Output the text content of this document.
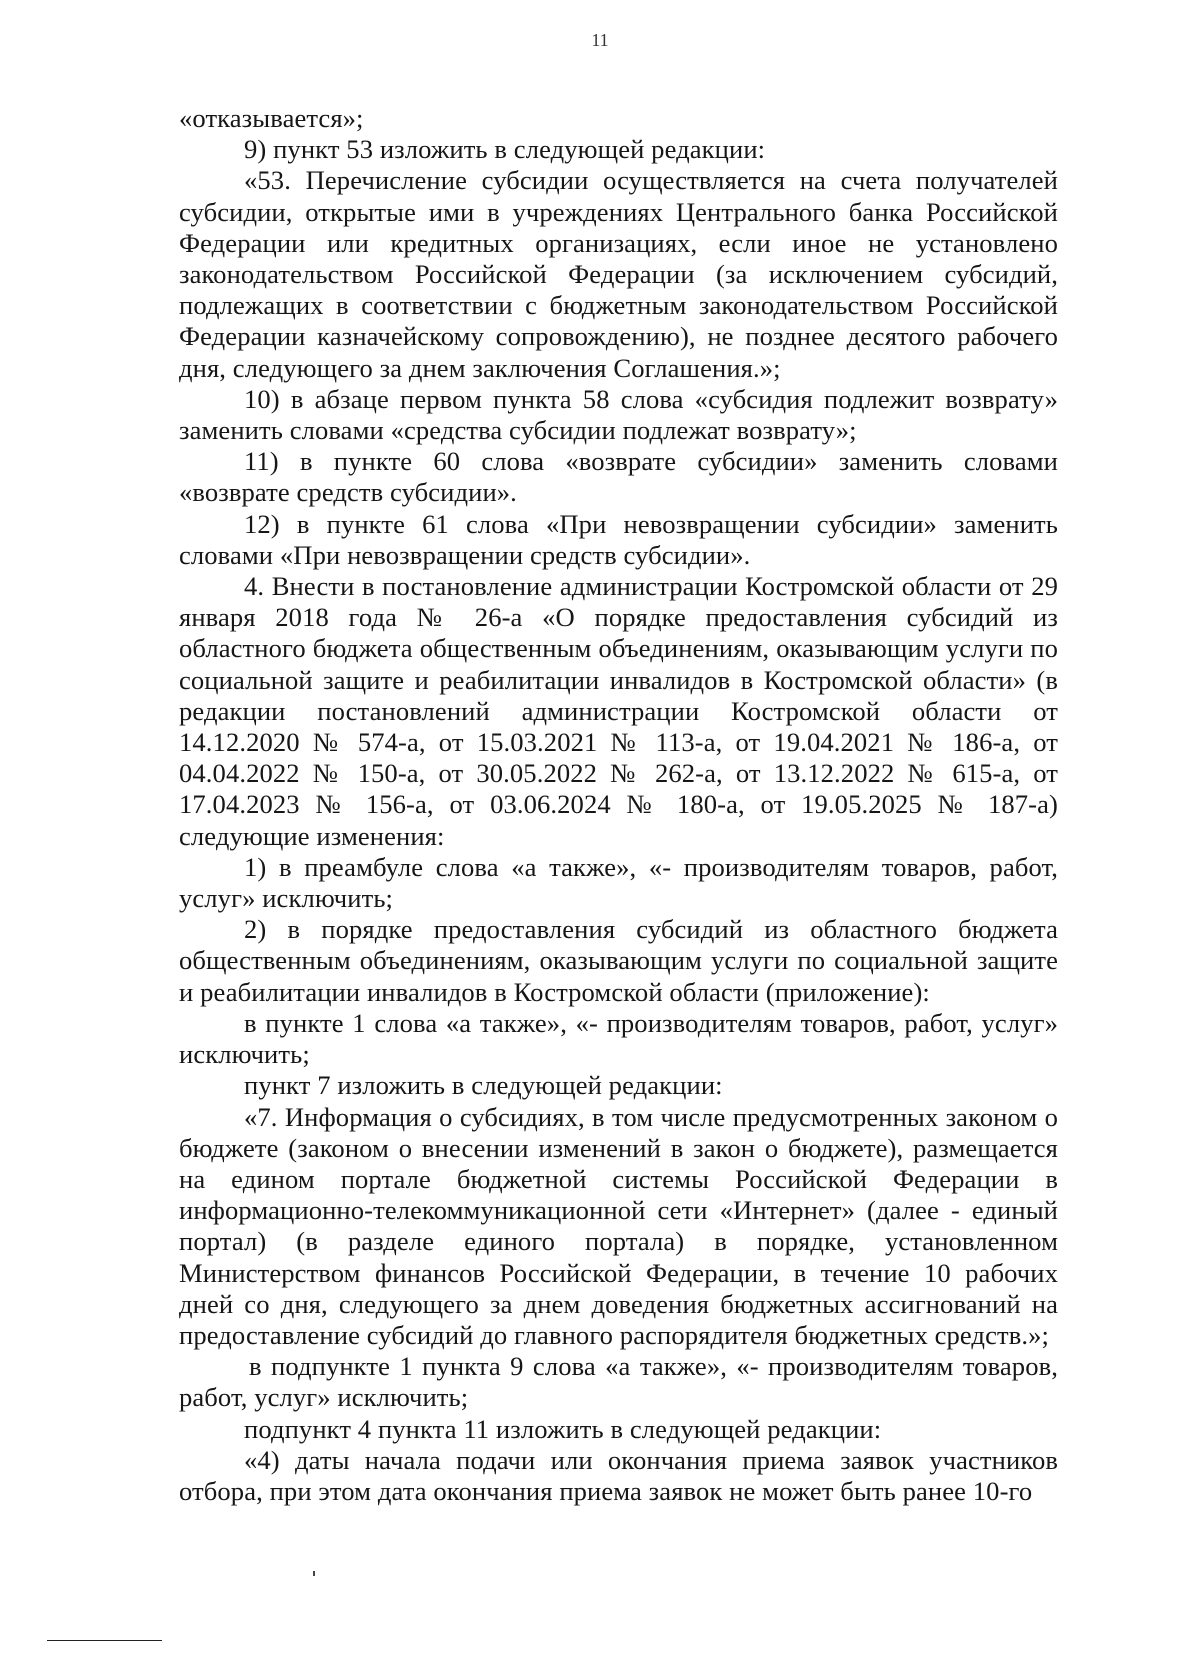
11

«отказывается»;

9) пункт 53 изложить в следующей редакции:

«53. Перечисление субсидии осуществляется на счета получателей субсидии, открытые ими в учреждениях Центрального банка Российской Федерации или кредитных организациях, если иное не установлено законодательством Российской Федерации (за исключением субсидий, подлежащих в соответствии с бюджетным законодательством Российской Федерации казначейскому сопровождению), не позднее десятого рабочего дня, следующего за днем заключения Соглашения.»;

10) в абзаце первом пункта 58 слова «субсидия подлежит возврату» заменить словами «средства субсидии подлежат возврату»;

11) в пункте 60 слова «возврате субсидии» заменить словами «возврате средств субсидии».

12) в пункте 61 слова «При невозвращении субсидии» заменить словами «При невозвращении средств субсидии».

4. Внести в постановление администрации Костромской области от 29 января 2018 года № 26-а «О порядке предоставления субсидий из областного бюджета общественным объединениям, оказывающим услуги по социальной защите и реабилитации инвалидов в Костромской области» (в редакции постановлений администрации Костромской области от 14.12.2020 № 574-а, от 15.03.2021 № 113-а, от 19.04.2021 № 186-а, от 04.04.2022 № 150-а, от 30.05.2022 № 262-а, от 13.12.2022 № 615-а, от 17.04.2023 № 156-а, от 03.06.2024 № 180-а, от 19.05.2025 № 187-а) следующие изменения:

1) в преамбуле слова «а также», «- производителям товаров, работ, услуг» исключить;

2) в порядке предоставления субсидий из областного бюджета общественным объединениям, оказывающим услуги по социальной защите и реабилитации инвалидов в Костромской области (приложение):

в пункте 1 слова «а также», «- производителям товаров, работ, услуг» исключить;

пункт 7 изложить в следующей редакции:

«7. Информация о субсидиях, в том числе предусмотренных законом о бюджете (законом о внесении изменений в закон о бюджете), размещается на едином портале бюджетной системы Российской Федерации в информационно-телекоммуникационной сети «Интернет» (далее - единый портал) (в разделе единого портала) в порядке, установленном Министерством финансов Российской Федерации, в течение 10 рабочих дней со дня, следующего за днем доведения бюджетных ассигнований на предоставление субсидий до главного распорядителя бюджетных средств.»;

в подпункте 1 пункта 9 слова «а также», «- производителям товаров, работ, услуг» исключить;

подпункт 4 пункта 11 изложить в следующей редакции:

«4) даты начала подачи или окончания приема заявок участников отбора, при этом дата окончания приема заявок не может быть ранее 10-го
